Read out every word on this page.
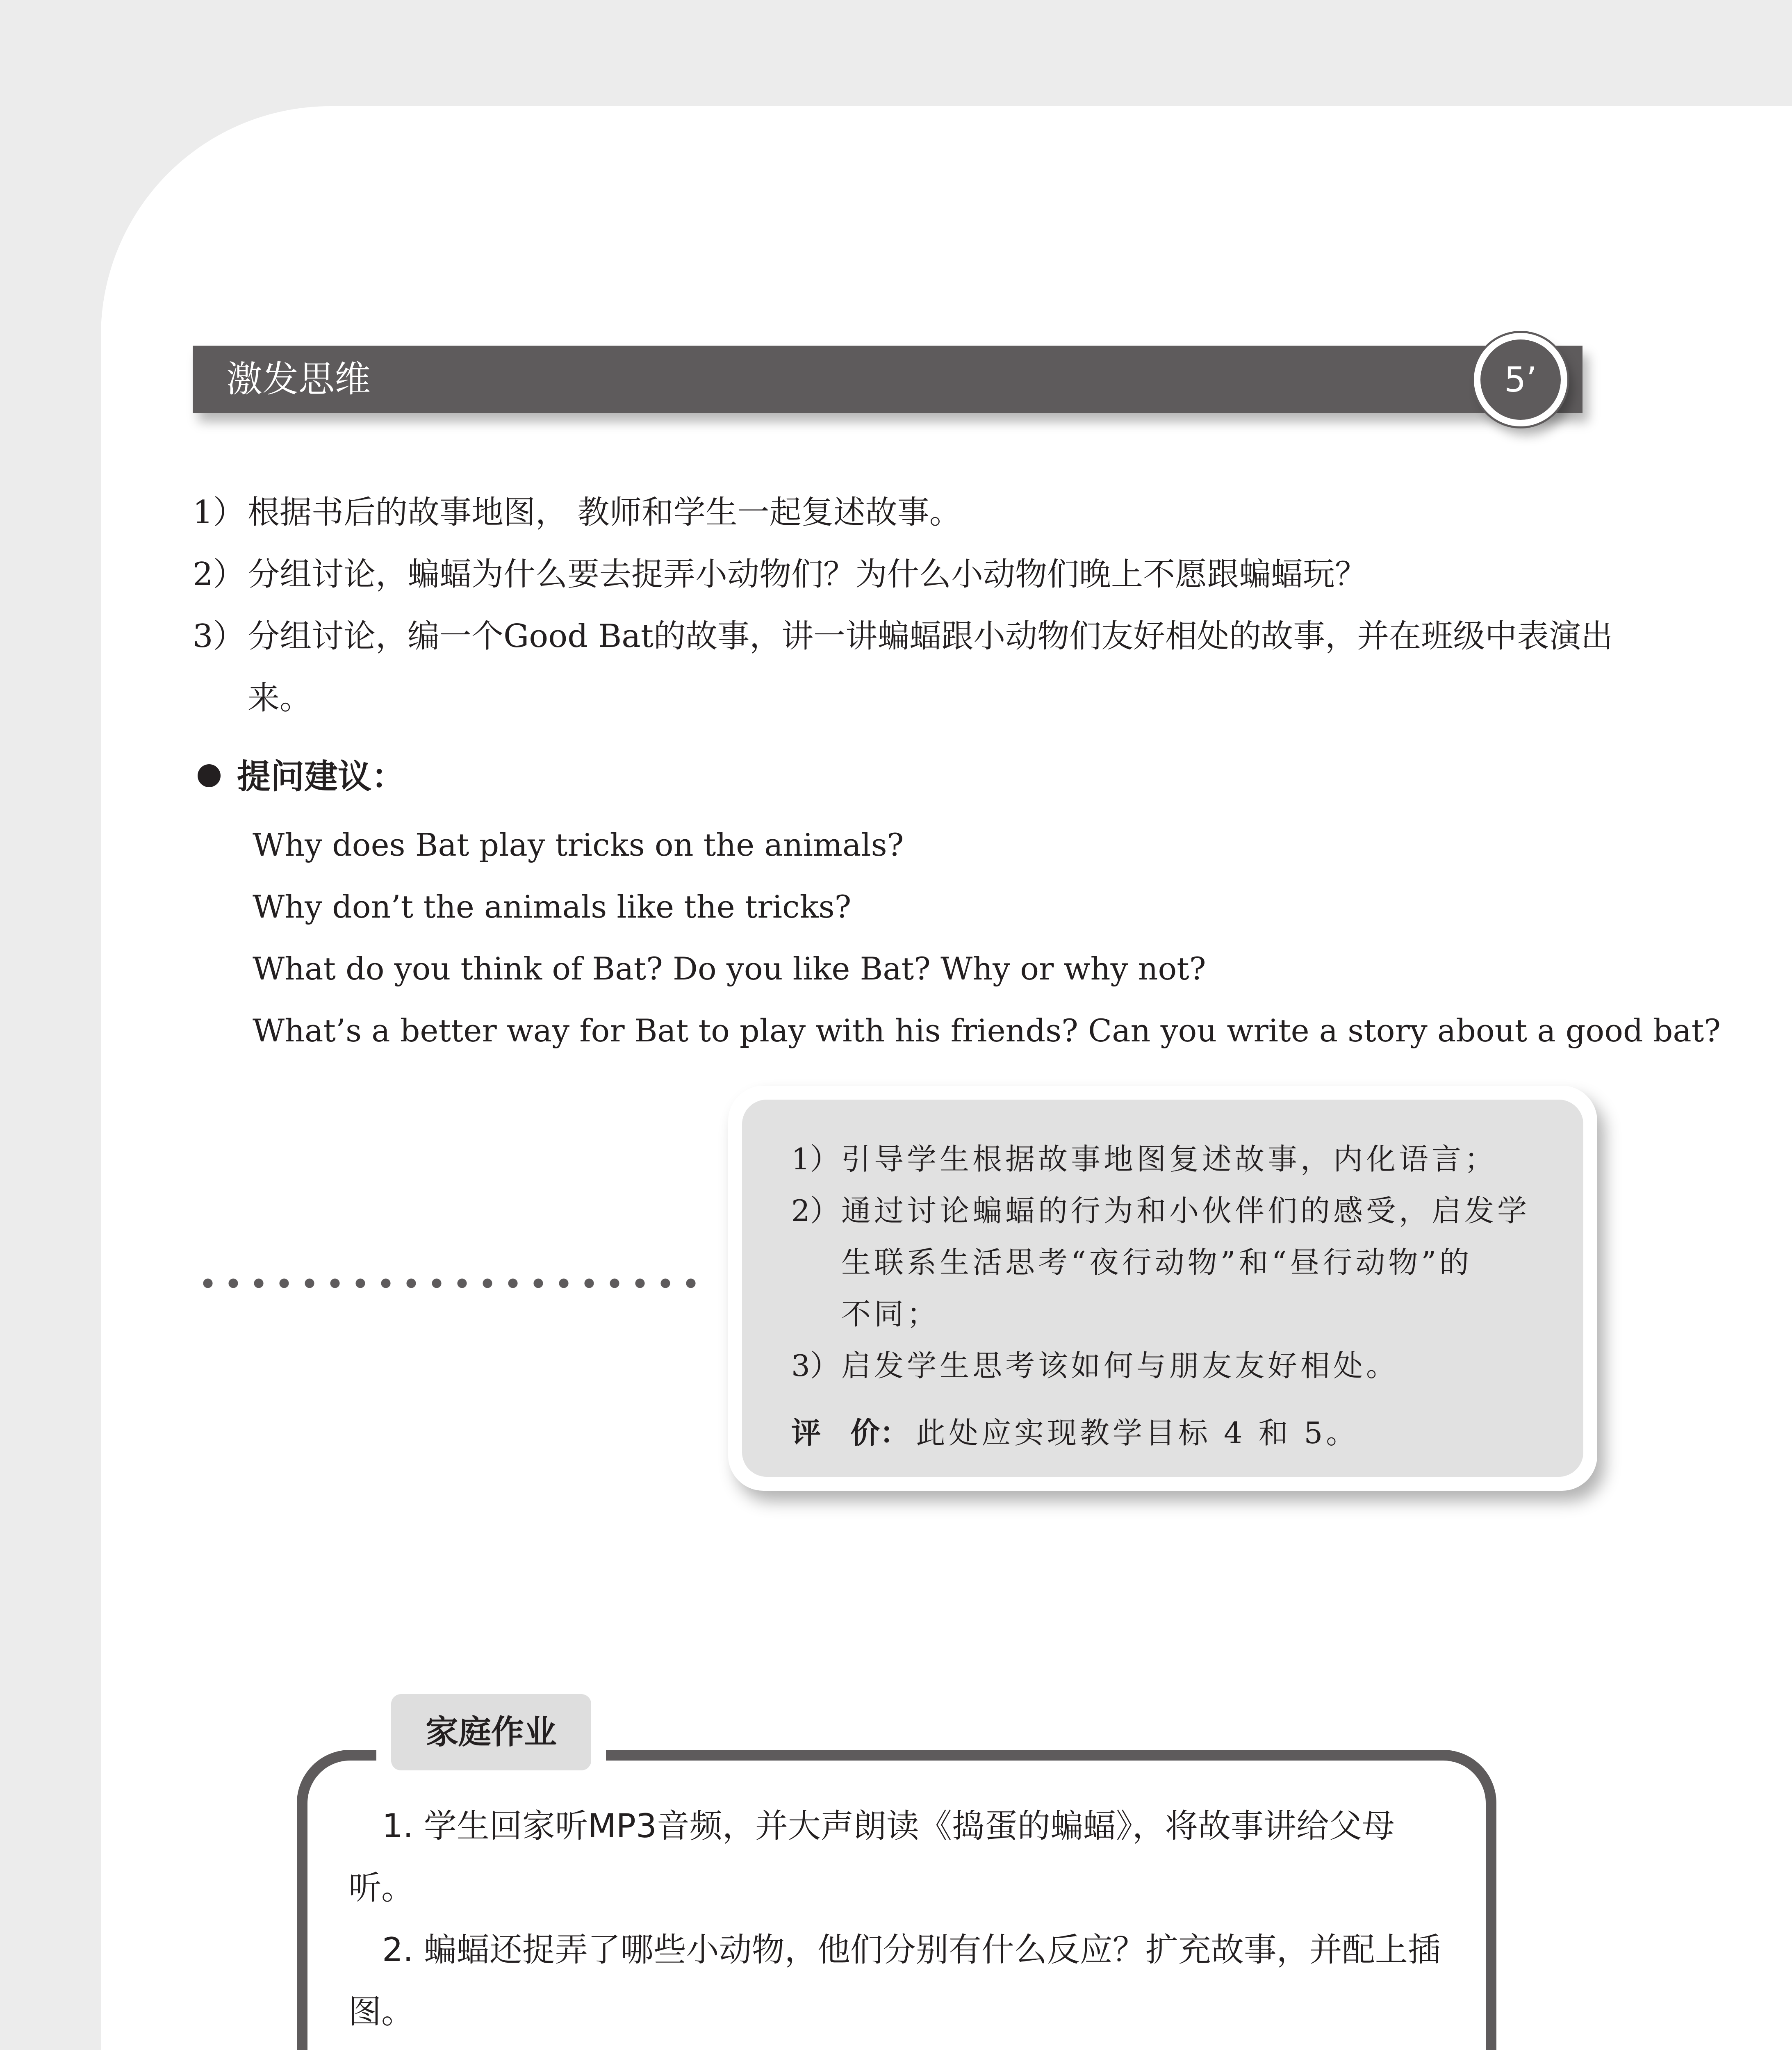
激发思维	5’
1） 根据书后的故事地图， 教师和学生一起复述故事。
2） 分组讨论，蝙蝠为什么要去捉弄小动物们？为什么小动物们晚上不愿跟蝙蝠玩？
3） 分组讨论，编一个Good Bat的故事，讲一讲蝙蝠跟小动物们友好相处的故事，并在班级中表演出来。
提问建议：
Why does Bat play tricks on the animals?
Why don’t the animals like the tricks?
What do you think of Bat? Do you like Bat? Why or why not?
What’s a better way for Bat to play with his friends? Can you write a story about a good bat?
1） 引导学生根据故事地图复述故事，内化语言；
2） 通过讨论蝙蝠的行为和小伙伴们的感受，启发学
生联系生活思考“夜行动物”和“昼行动物”的
不同；
3） 启发学生思考该如何与朋友友好相处。
评　价： 此处应实现教学目标 4 和 5。
家庭作业
1. 学生回家听MP3音频，并大声朗读《捣蛋的蝙蝠》，将故事讲给父母听。
2. 蝙蝠还捉弄了哪些小动物，他们分别有什么反应？扩充故事，并配上插图。
